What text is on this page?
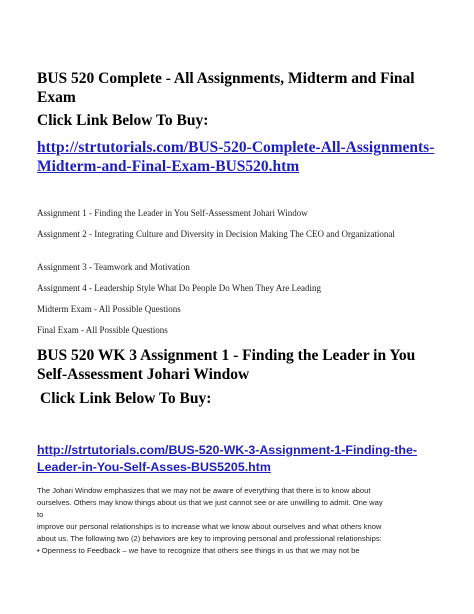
BUS 520 Complete - All Assignments, Midterm and Final Exam
Click Link Below To Buy:
http://strtutorials.com/BUS-520-Complete-All-Assignments-Midterm-and-Final-Exam-BUS520.htm
Assignment 1 - Finding the Leader in You Self-Assessment Johari Window
Assignment 2 - Integrating Culture and Diversity in Decision Making The CEO and Organizational
Assignment 3 - Teamwork and Motivation
Assignment 4 - Leadership Style What Do People Do When They Are Leading
Midterm Exam - All Possible Questions
Final Exam - All Possible Questions
BUS 520 WK 3 Assignment 1 - Finding the Leader in You Self-Assessment Johari Window
Click Link Below To Buy:
http://strtutorials.com/BUS-520-WK-3-Assignment-1-Finding-the-Leader-in-You-Self-Asses-BUS5205.htm
The Johari Window emphasizes that we may not be aware of everything that there is to know about
ourselves. Others may know things about us that we just cannot see or are unwilling to admit. One way
to
improve our personal relationships is to increase what we know about ourselves and what others know
about us. The following two (2) behaviors are key to improving personal and professional relationships:
• Openness to Feedback – we have to recognize that others see things in us that we may not be
